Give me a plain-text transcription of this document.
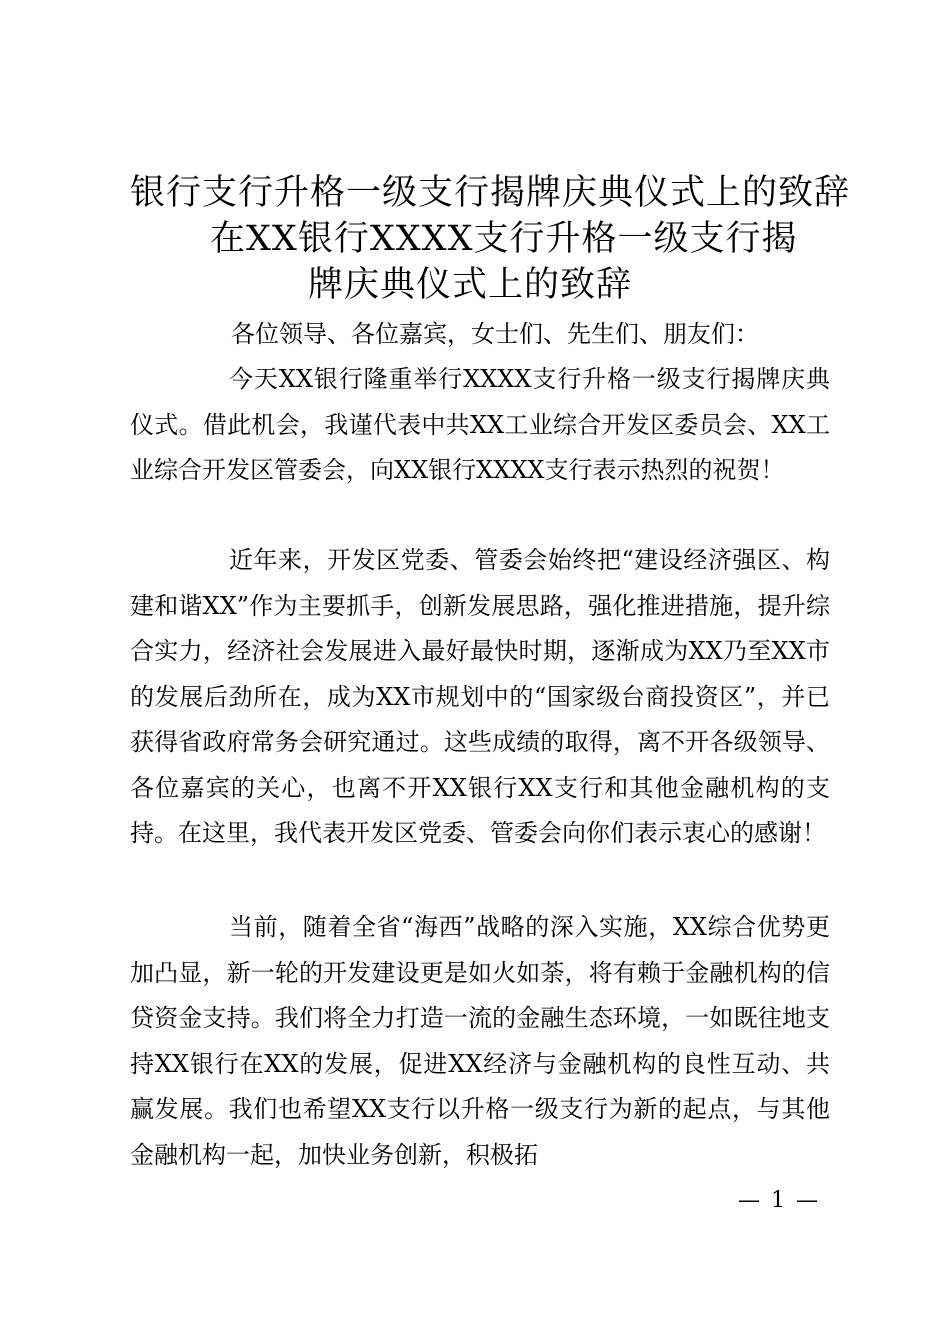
银行支行升格一级支行揭牌庆典仪式上的致辞
在XX银行XXXX支行升格一级支行揭
牌庆典仪式上的致辞

各位领导、各位嘉宾，女士们、先生们、朋友们：

今天XX银行隆重举行XXXX支行升格一级支行揭牌庆典仪式。借此机会，我谨代表中共XX工业综合开发区委员会、XX工业综合开发区管委会，向XX银行XXXX支行表示热烈的祝贺！

近年来，开发区党委、管委会始终把“建设经济强区、构建和谐XX”作为主要抓手，创新发展思路，强化推进措施，提升综合实力，经济社会发展进入最好最快时期，逐渐成为XX乃至XX市的发展后劲所在，成为XX市规划中的“国家级台商投资区”，并已获得省政府常务会研究通过。这些成绩的取得，离不开各级领导、各位嘉宾的关心，也离不开XX银行XX支行和其他金融机构的支持。在这里，我代表开发区党委、管委会向你们表示衷心的感谢！

当前，随着全省“海西”战略的深入实施，XX综合优势更加凸显，新一轮的开发建设更是如火如荼，将有赖于金融机构的信贷资金支持。我们将全力打造一流的金融生态环境，一如既往地支持XX银行在XX的发展，促进XX经济与金融机构的良性互动、共赢发展。我们也希望XX支行以升格一级支行为新的起点，与其他金融机构一起，加快业务创新，积极拓

— 1 —
